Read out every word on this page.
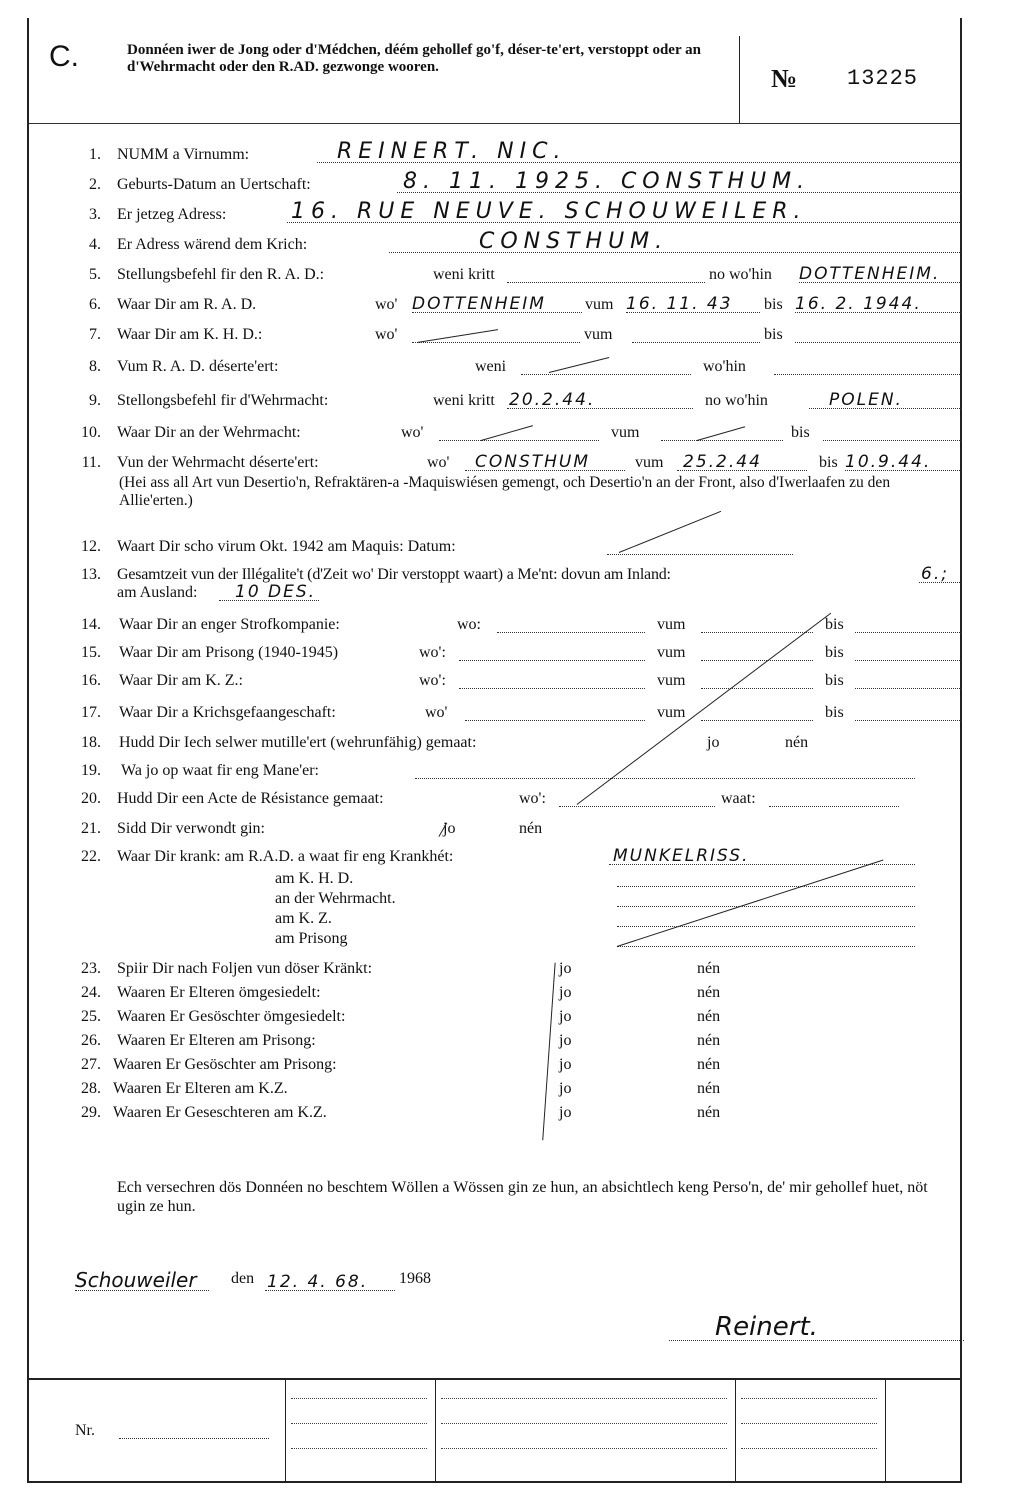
C.	Donnéen iwer de Jong oder d'Médchen, déém gehollef go'f, déser-te'ert, verstoppt oder an d'Wehrmacht oder den R.AD. gezwonge wooren.	№ 13225
1. NUMM a Virnumm:	REINERT. NIC.
2. Geburts-Datum an Uertschaft:	8. 11. 1925. CONSTHUM.
3. Er jetzeg Adress:	16. RUE NEUVE. SCHOUWEILER.
4. Er Adress wärend dem Krich:	CONSTHUM.
5. Stellungsbefehl fir den R. A. D.:	weni kritt	no wo'hin DOTTENHEIM.
6. Waar Dir am R. A. D.	wo' DOTTENHEIM vum 16. 11. 43 bis 16. 2. 1944.
7. Waar Dir am K. H. D.:	wo'	vum	bis
8. Vum R. A. D. déserte'ert:	weni	wo'hin
9. Stellongsbefehl fir d'Wehrmacht:	weni kritt 20.2.44.	no wo'hin	POLEN.
10. Waar Dir an der Wehrmacht:	wo'	vum	bis
11. Vun der Wehrmacht déserte'ert:	wo' CONSTHUM	vum 25.2.44	bis 10.9.44.
(Hei ass all Art vun Desertio'n, Refraktären-a -Maquiswiésen gemengt, och Desertio'n an der Front, also d'Iwerlaafen zu den Allie'erten.)
12. Waart Dir scho virum Okt. 1942 am Maquis: Datum:
13. Gesamtzeit vun der Illégalite't (d'Zeit wo' Dir verstoppt waart) a Me'nt: dovun am Inland:	6.;
am Ausland: 10 DES.
14. Waar Dir an enger Strofkompanie:	wo:	vum	bis
15. Waar Dir am Prisong (1940-1945)	wo':	vum	bis
16. Waar Dir am K. Z.:	wo':	vum	bis
17. Waar Dir a Krichsgefaangeschaft:	wo'	vum	bis
18. Hudd Dir Iech selwer mutille'ert (wehrunfähig) gemaat:	jo	nén
19. Wa jo op waat fir eng Mane'er:
20. Hudd Dir een Acte de Résistance gemaat:	wo':	waat:
21. Sidd Dir verwondt gin:	jo	nén
22. Waar Dir krank: am R.A.D. a waat fir eng Krankhét:	MUNKELRISS.
am K. H. D.
an der Wehrmacht.
am K. Z.
am Prisong
23. Spiir Dir nach Foljen vun döser Kränkt:	jo	nén
24. Waaren Er Elteren ömgesiedelt:	jo	nén
25. Waaren Er Gesöschter ömgesiedelt:	jo	nén
26. Waaren Er Elteren am Prisong:	jo	nén
27. Waaren Er Gesöschter am Prisong:	jo	nén
28. Waaren Er Elteren am K.Z.	jo	nén
29. Waaren Er Geseschteren am K.Z.	jo	nén
Ech versechren dös Donnéen no beschtem Wöllen a Wössen gin ze hun, an absichtlech keng Perso'n, de' mir gehollef huet, nöt ugin ze hun.
Schouweiler den 12. 4. 68. 1968
Reinert.
Nr.
